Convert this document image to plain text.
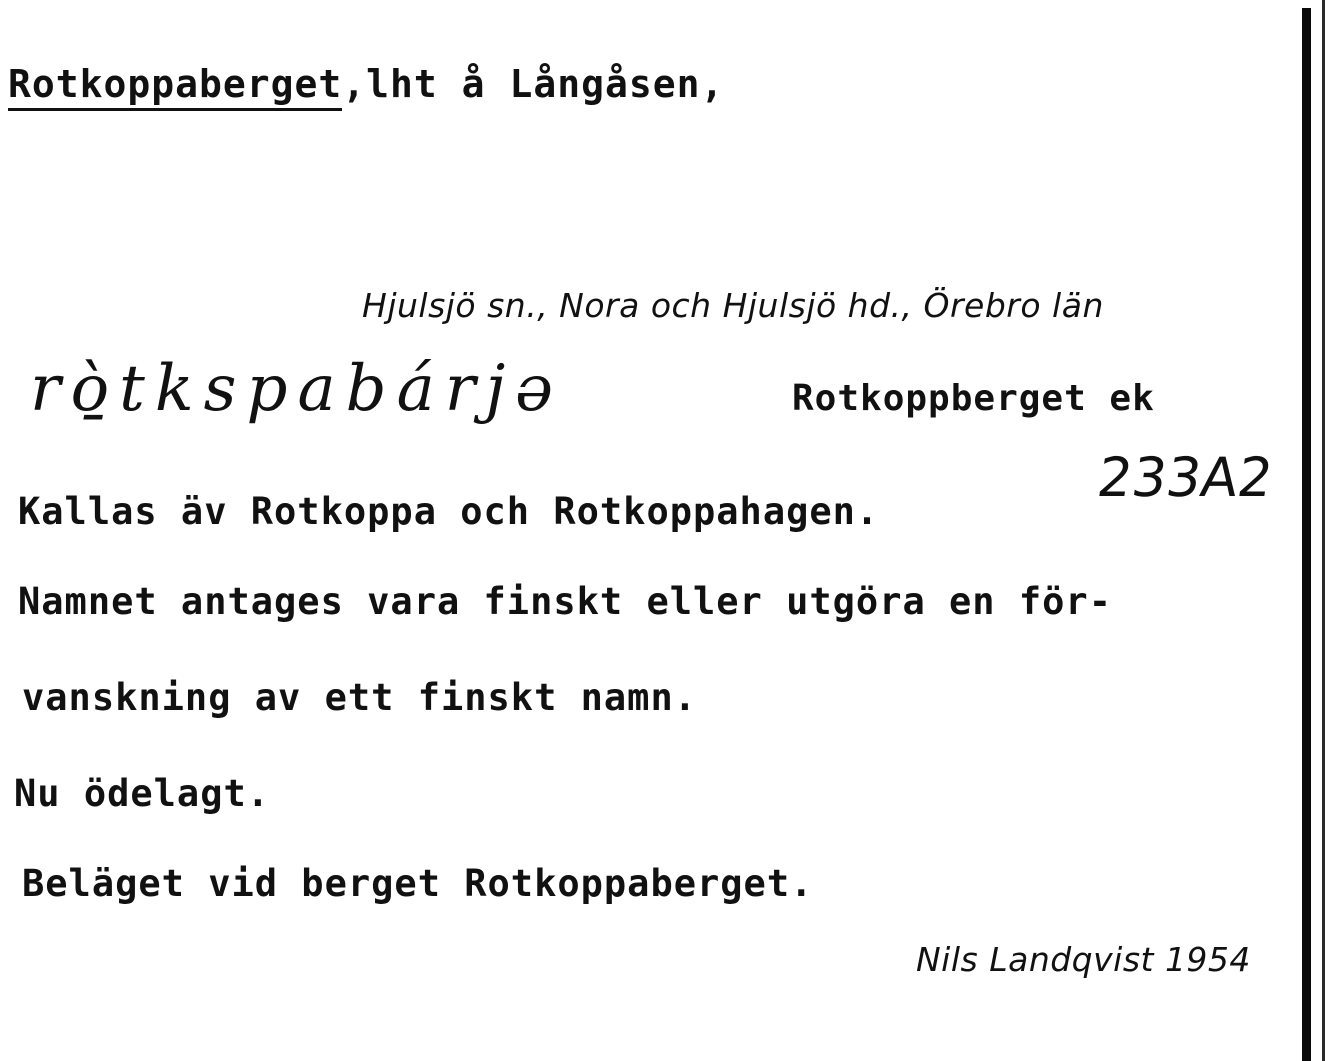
Rotkoppaberget,lht å Långåsen,
Hjulsjö sn., Nora och Hjulsjö hd., Örebro län
rò̱tkspabárjə	Rotkoppberget ek
233A2
Kallas äv Rotkoppa och Rotkoppahagen.
Namnet antages vara finskt eller utgöra en för-
vanskning av ett finskt namn.
Nu ödelagt.
Beläget vid berget Rotkoppaberget.
Nils Landqvist 1954
